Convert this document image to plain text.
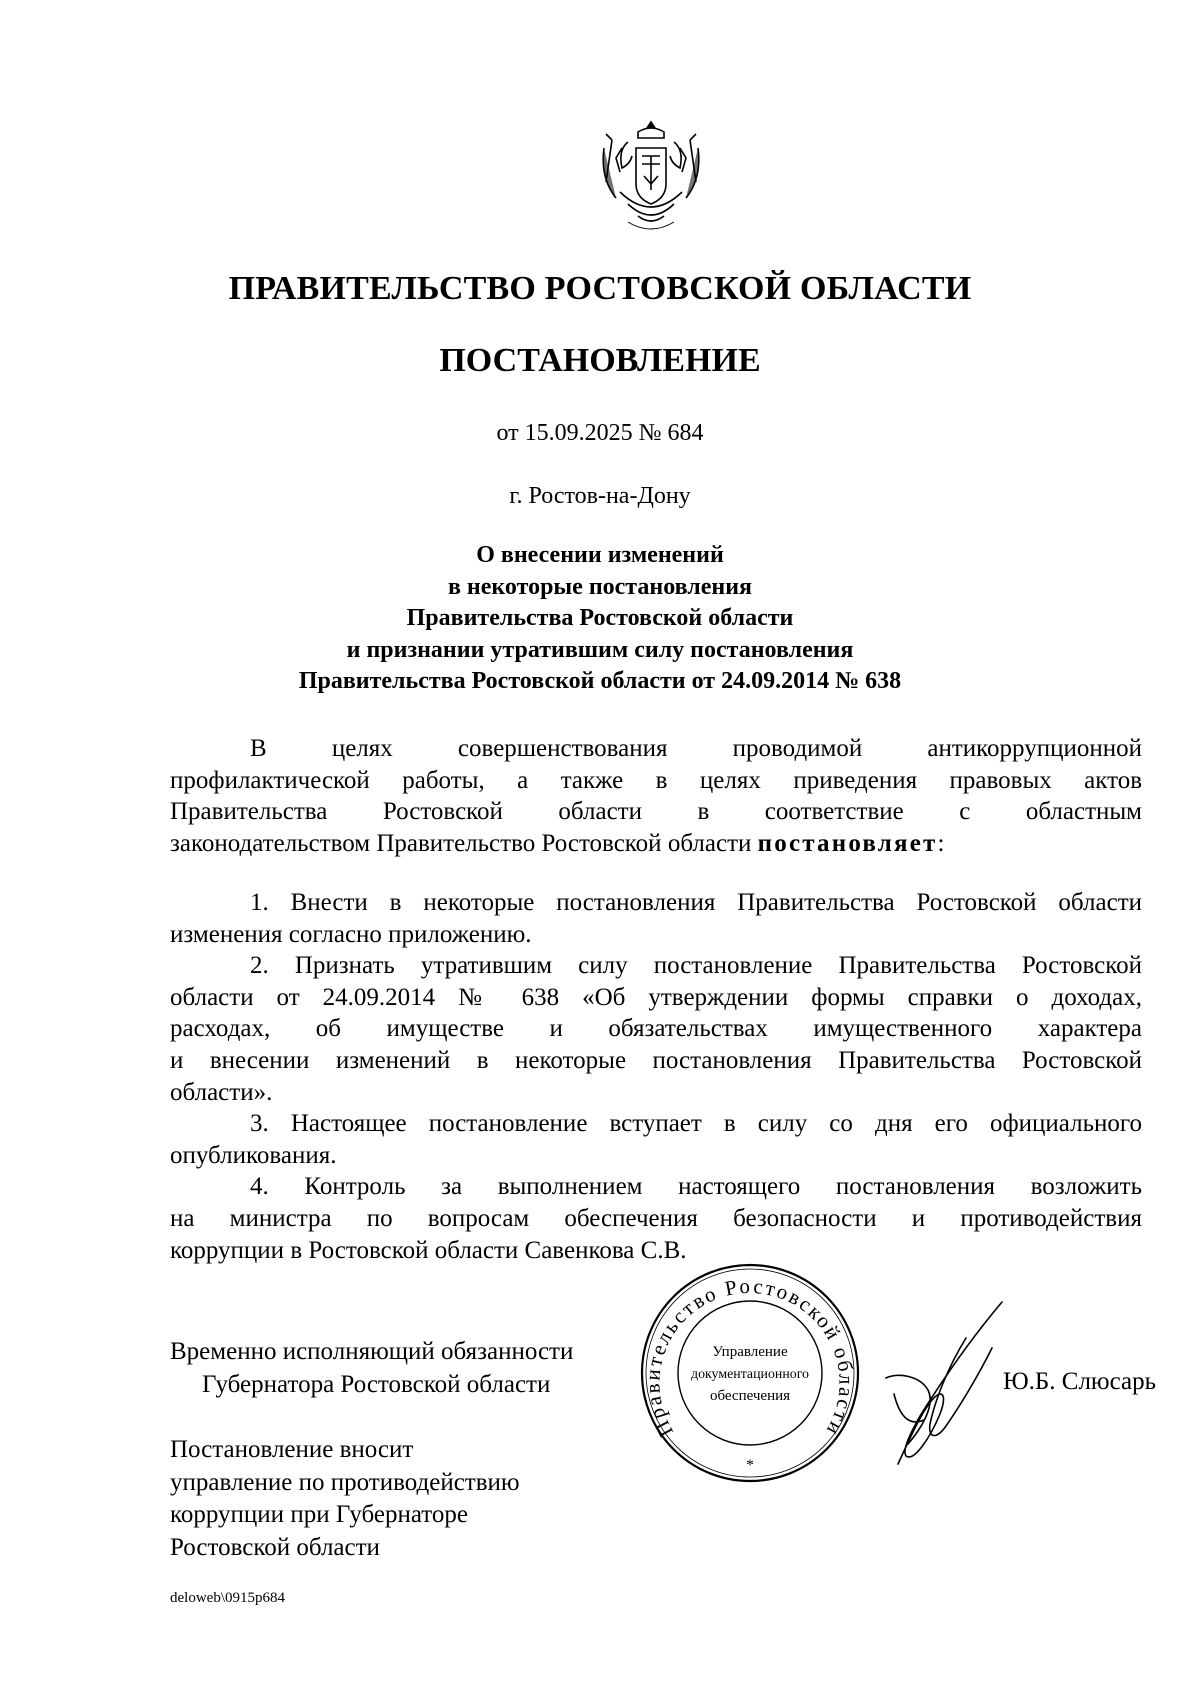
ПРАВИТЕЛЬСТВО РОСТОВСКОЙ ОБЛАСТИ
ПОСТАНОВЛЕНИЕ
от 15.09.2025 № 684
г. Ростов-на-Дону
О внесении изменений
в некоторые постановления
Правительства Ростовской области
и признании утратившим силу постановления
Правительства Ростовской области от 24.09.2014 № 638
В целях совершенствования проводимой антикоррупционной
профилактической работы, а также в целях приведения правовых актов
Правительства Ростовской области в соответствие с областным
законодательством Правительство Ростовской области постановляет:
1. Внести в некоторые постановления Правительства Ростовской области
изменения согласно приложению.
2. Признать утратившим силу постановление Правительства Ростовской
области от 24.09.2014 № 638 «Об утверждении формы справки о доходах,
расходах, об имуществе и обязательствах имущественного характера
и внесении изменений в некоторые постановления Правительства Ростовской
области».
3. Настоящее постановление вступает в силу со дня его официального
опубликования.
4. Контроль за выполнением настоящего постановления возложить
на министра по вопросам обеспечения безопасности и противодействия
коррупции в Ростовской области Савенкова С.В.
Временно исполняющий обязанности
Губернатора Ростовской области
Правительство Ростовской области
Управление
документационного
обеспечения
*
Ю.Б. Слюсарь
Постановление вносит
управление по противодействию
коррупции при Губернаторе
Ростовской области
deloweb\0915p684
